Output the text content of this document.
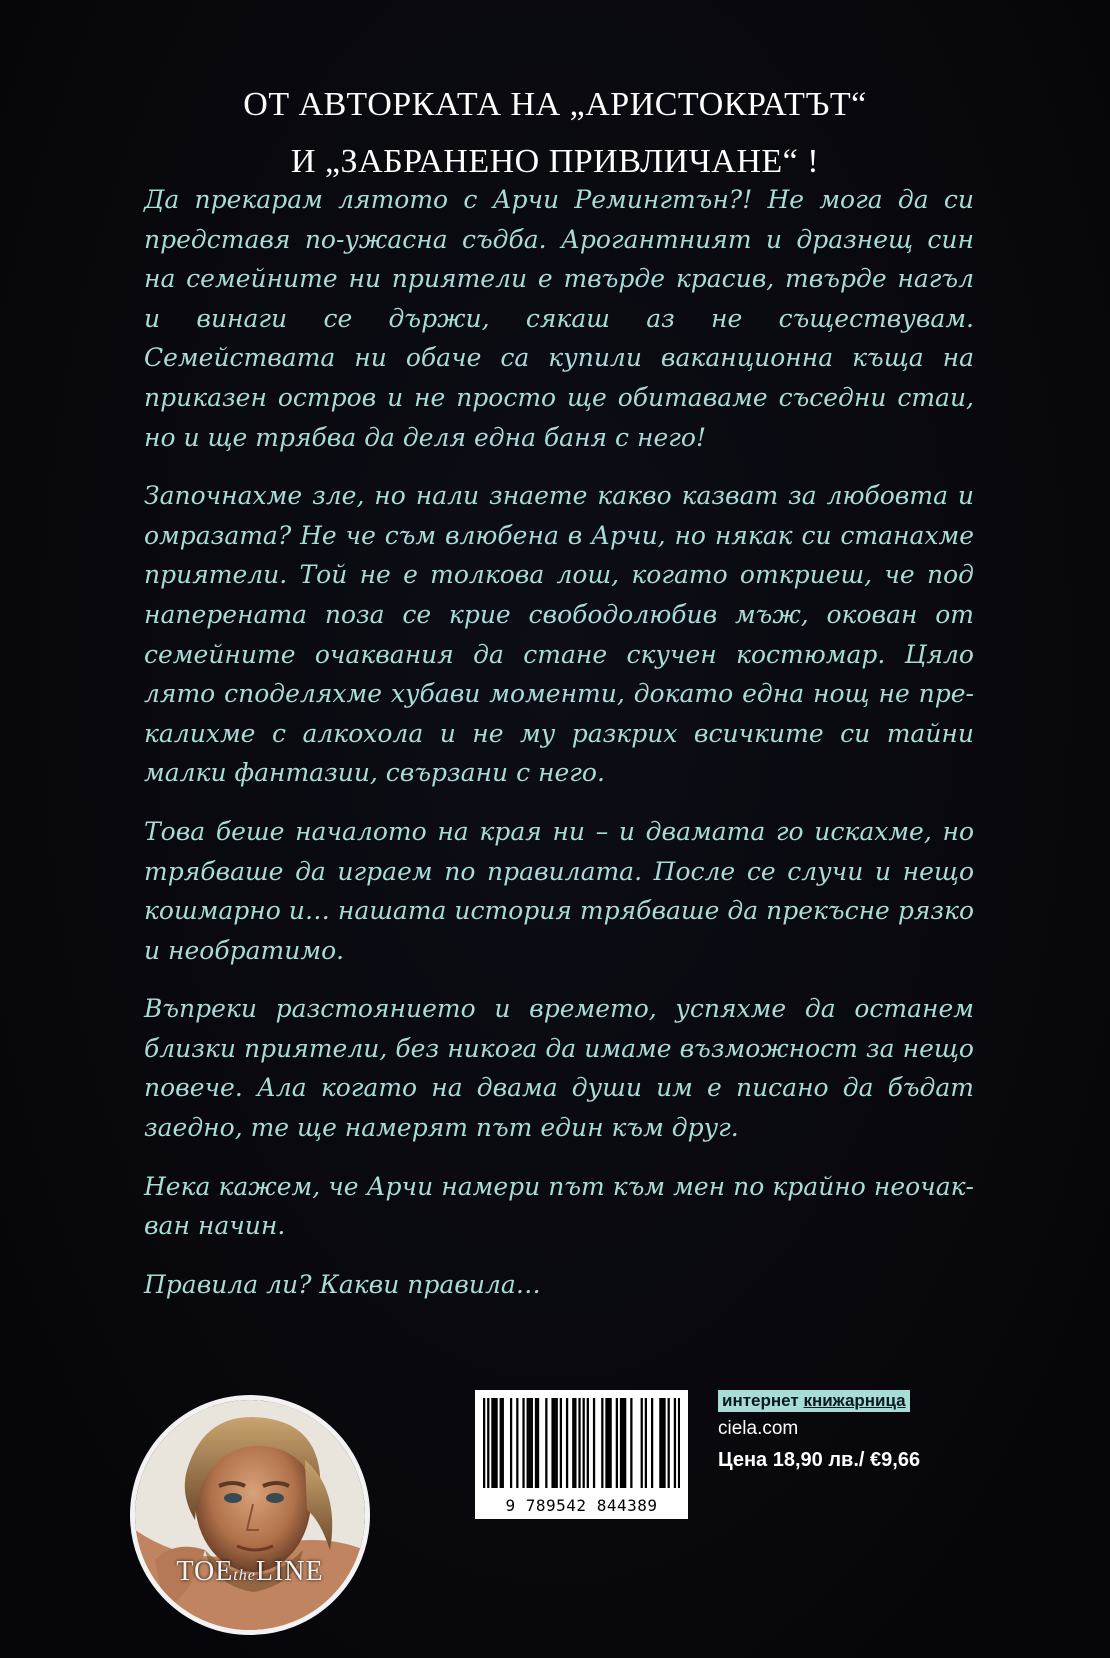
ОТ АВТОРКАТА НА „АРИСТОКРАТЪТ“
И „ЗАБРАНЕНО ПРИВЛИЧАНЕ“ !

Да прекарам лятото с Арчи Ремингтън?! Не мога да си представя по-ужасна съдба. Арогантният и дразнещ син на семейните ни приятели е твърде красив, твърде нагъл и винаги се държи, сякаш аз не съществувам. Семействата ни обаче са купили ваканционна къща на приказен остров и не просто ще обитаваме съседни стаи, но и ще трябва да деля една баня с него!

Започнахме зле, но нали знаете какво казват за любовта и омразата? Не че съм влюбена в Арчи, но някак си станахме приятели. Той не е толкова лош, когато откриеш, че под наперената поза се крие свободолюбив мъж, окован от семейните очаквания да стане скучен костюмар. Цяло лято споделяхме хубави моменти, докато една нощ не пре-калихме с алкохола и не му разкрих всичките си тайни малки фантазии, свързани с него.

Това беше началото на края ни – и двамата го искахме, но трябваше да играем по правилата. После се случи и нещо кошмарно и… нашата история трябваше да прекъсне рязко и необратимо.

Въпреки разстоянието и времето, успяхме да останем близки приятели, без никога да имаме възможност за нещо повече. Ала когато на двама души им е писано да бъдат заедно, те ще намерят път един към друг.

Нека кажем, че Арчи намери път към мен по крайно неочак-ван начин.

Правила ли? Какви правила…

TOEtheLINE
9 789542 844389
интернет книжарница
ciela.com
Цена 18,90 лв./ €9,66
